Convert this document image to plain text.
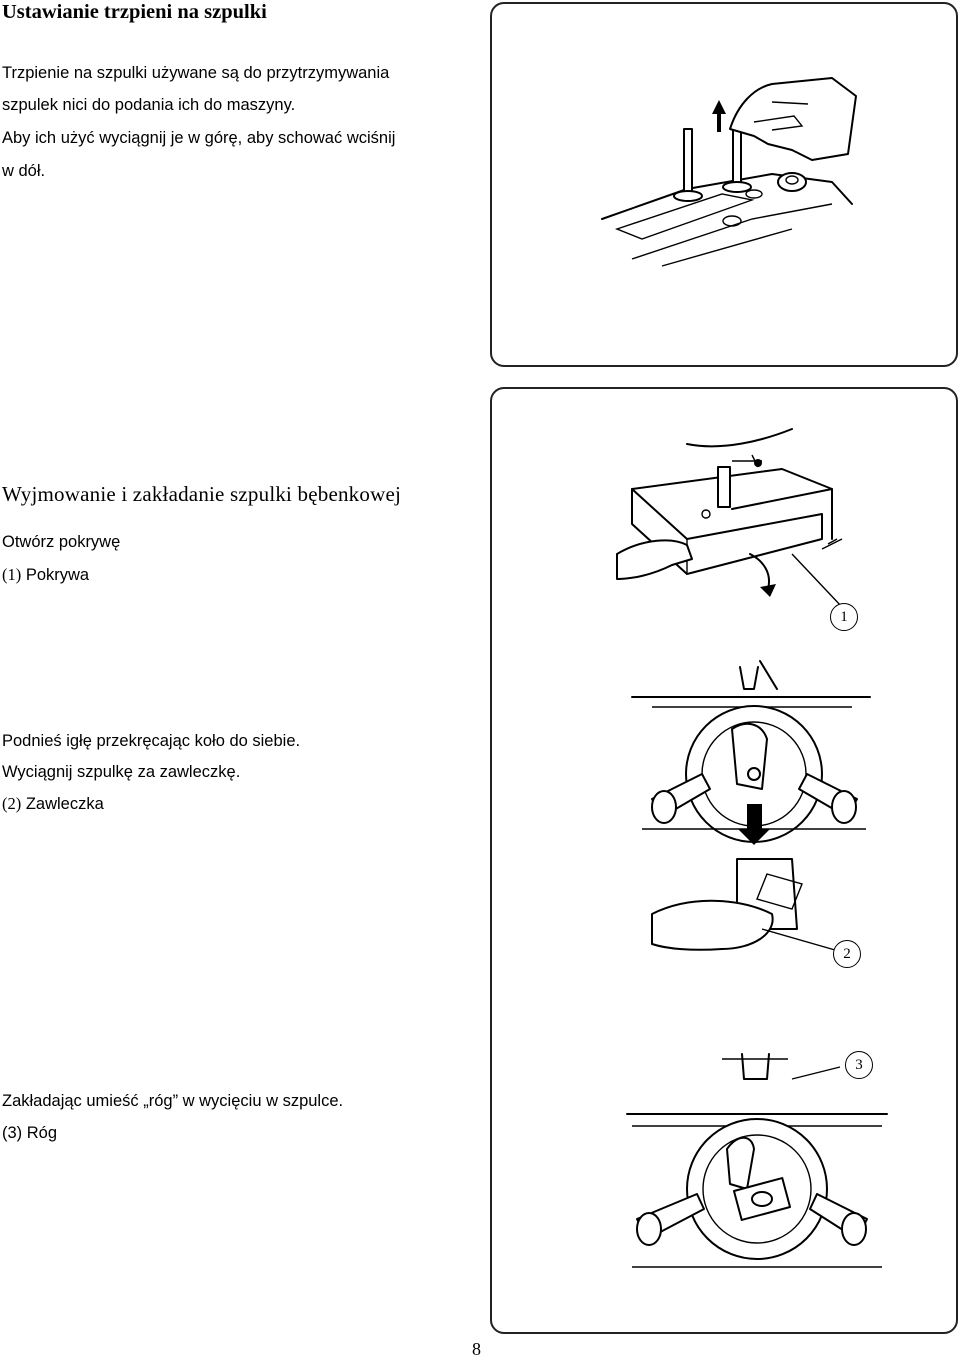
Ustawianie trzpieni na szpulki
Trzpienie na szpulki używane są do przytrzymywania
szpulek nici do podania ich do maszyny.
Aby ich użyć wyciągnij je w górę, aby schować wciśnij
w dół.
Wyjmowanie i zakładanie szpulki bębenkowej
Otwórz pokrywę
(1) Pokrywa
Podnieś igłę przekręcając koło do siebie.
Wyciągnij szpulkę za zawleczkę.
(2) Zawleczka
Zakładając umieść „róg” w wycięciu w szpulce.
(3) Róg
1
2
3
8
